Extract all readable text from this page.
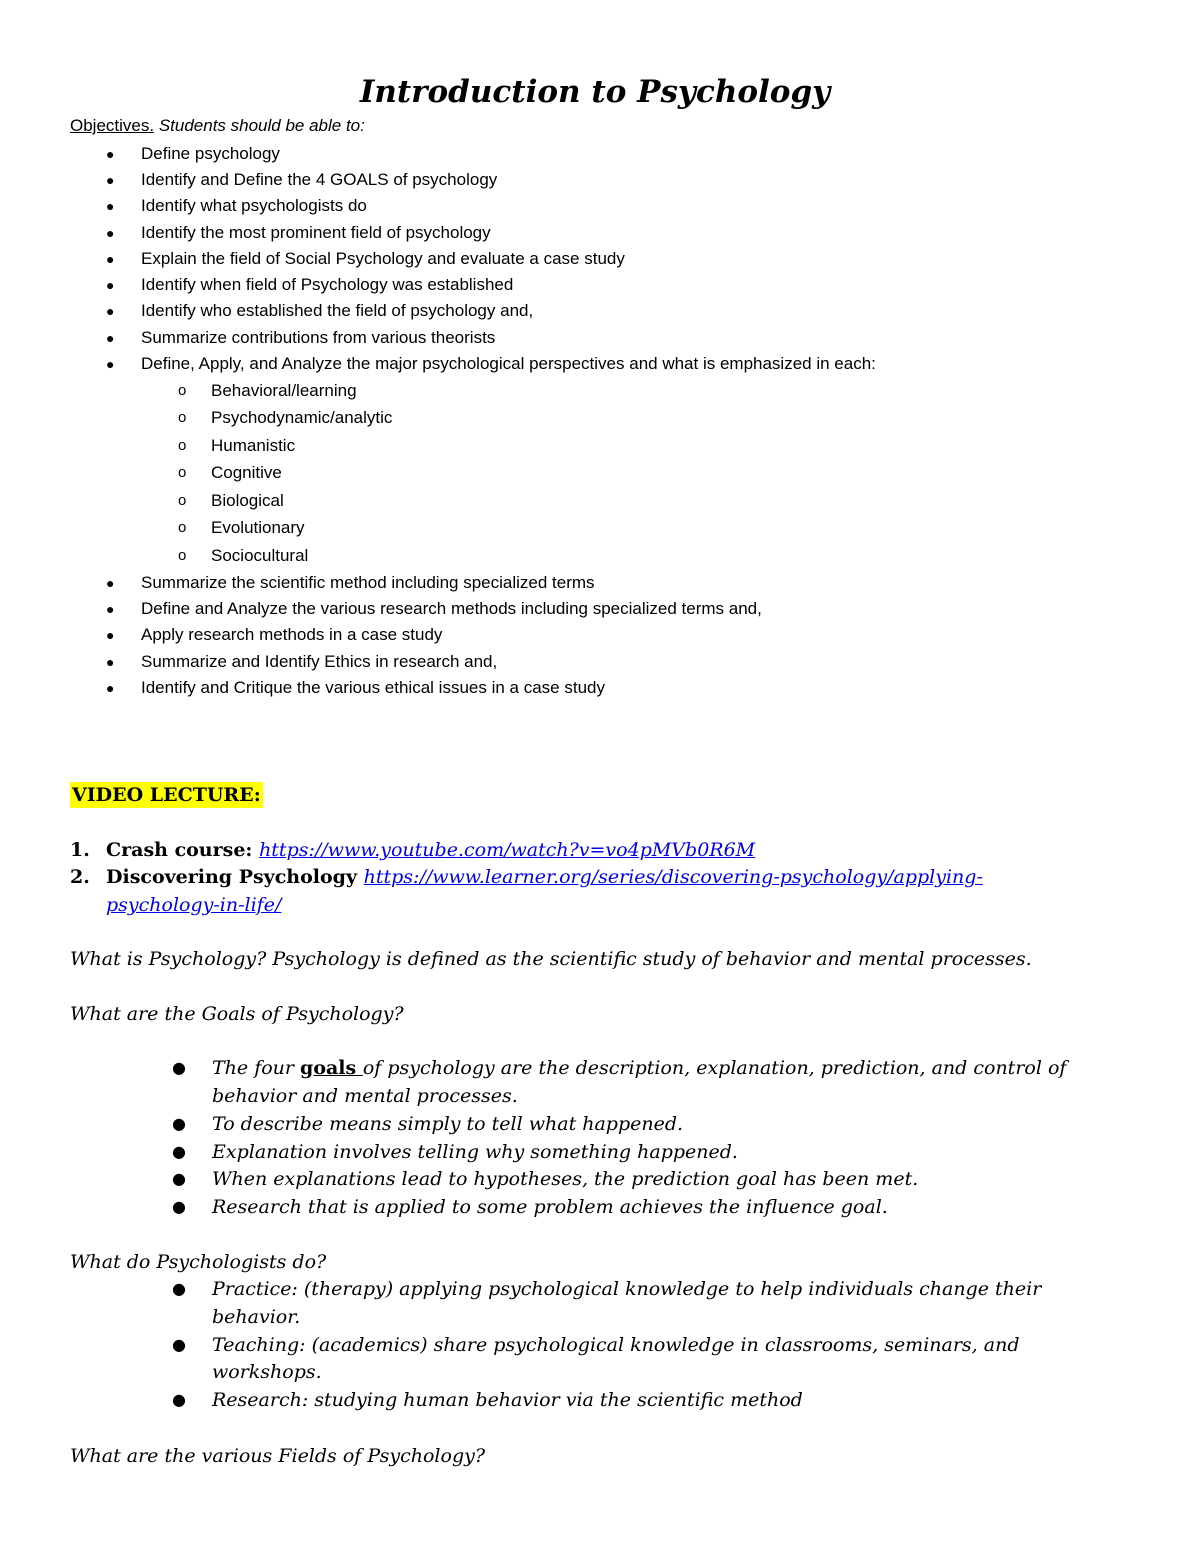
Introduction to Psychology
Objectives. Students should be able to:
● Define psychology
● Identify and Define the 4 GOALS of psychology
● Identify what psychologists do
● Identify the most prominent field of psychology
● Explain the field of Social Psychology and evaluate a case study
● Identify when field of Psychology was established
● Identify who established the field of psychology and,
● Summarize contributions from various theorists
● Define, Apply, and Analyze the major psychological perspectives and what is emphasized in each:
o Behavioral/learning
o Psychodynamic/analytic
o Humanistic
o Cognitive
o Biological
o Evolutionary
o Sociocultural
● Summarize the scientific method including specialized terms
● Define and Analyze the various research methods including specialized terms and,
● Apply research methods in a case study
● Summarize and Identify Ethics in research and,
● Identify and Critique the various ethical issues in a case study
VIDEO LECTURE:
1. Crash course: https://www.youtube.com/watch?v=vo4pMVb0R6M
2. Discovering Psychology https://www.learner.org/series/discovering-psychology/applying-
psychology-in-life/
What is Psychology? Psychology is defined as the scientific study of behavior and mental processes.
What are the Goals of Psychology?
● The four goals of psychology are the description, explanation, prediction, and control of
behavior and mental processes.
● To describe means simply to tell what happened.
● Explanation involves telling why something happened.
● When explanations lead to hypotheses, the prediction goal has been met.
● Research that is applied to some problem achieves the influence goal.
What do Psychologists do?
● Practice: (therapy) applying psychological knowledge to help individuals change their
behavior.
● Teaching: (academics) share psychological knowledge in classrooms, seminars, and
workshops.
● Research: studying human behavior via the scientific method
What are the various Fields of Psychology?
